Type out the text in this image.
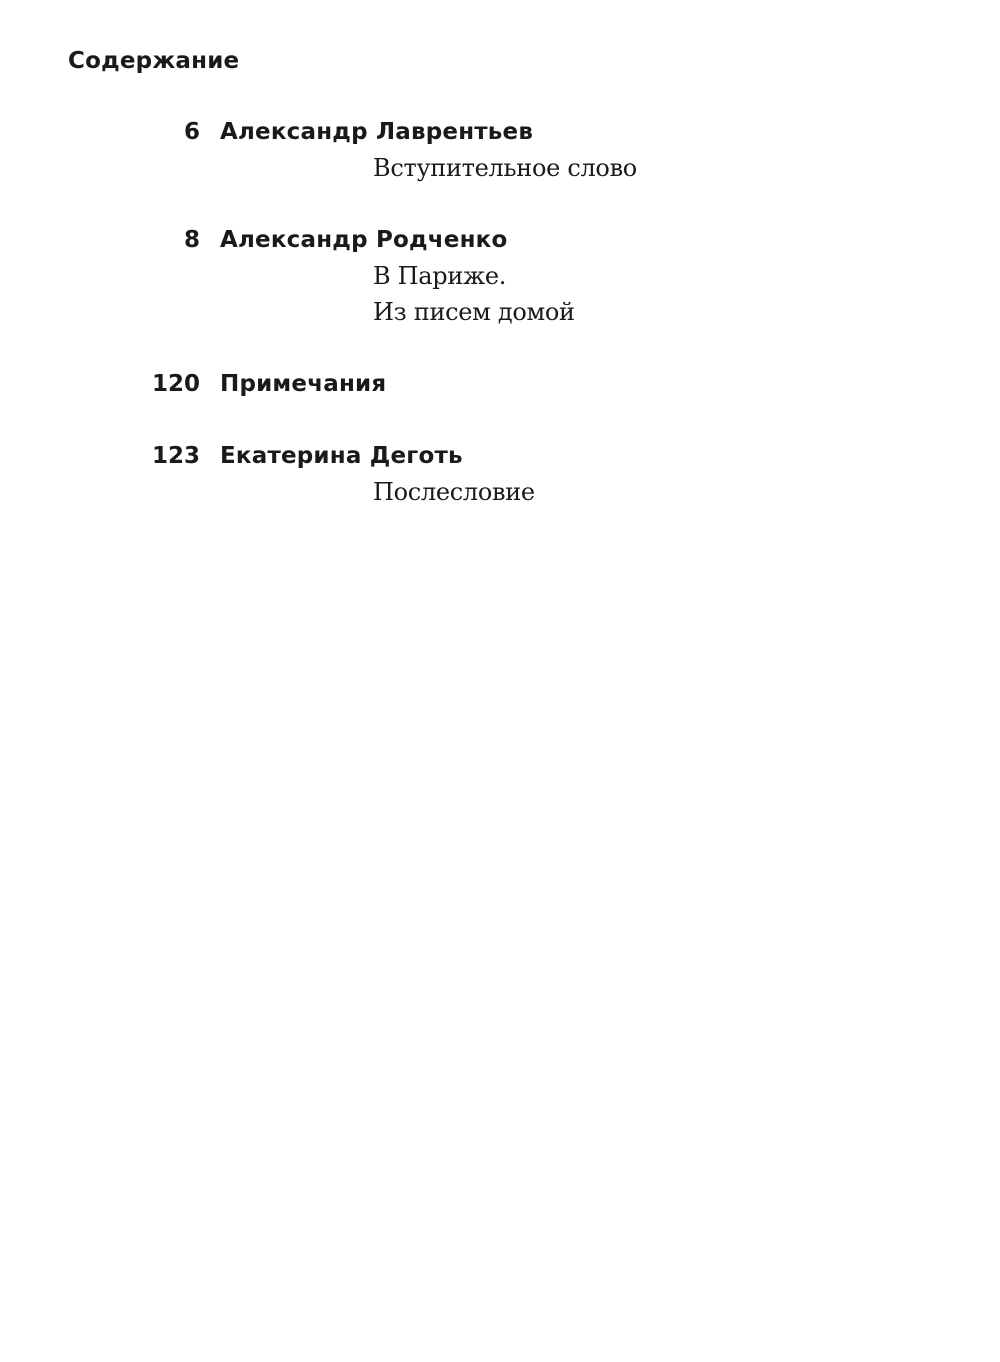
Содержание
6 Александр Лаврентьев
Вступительное слово
8 Александр Родченко
В Париже.
Из писем домой
120 Примечания
123 Екатерина Деготь
Послесловие
